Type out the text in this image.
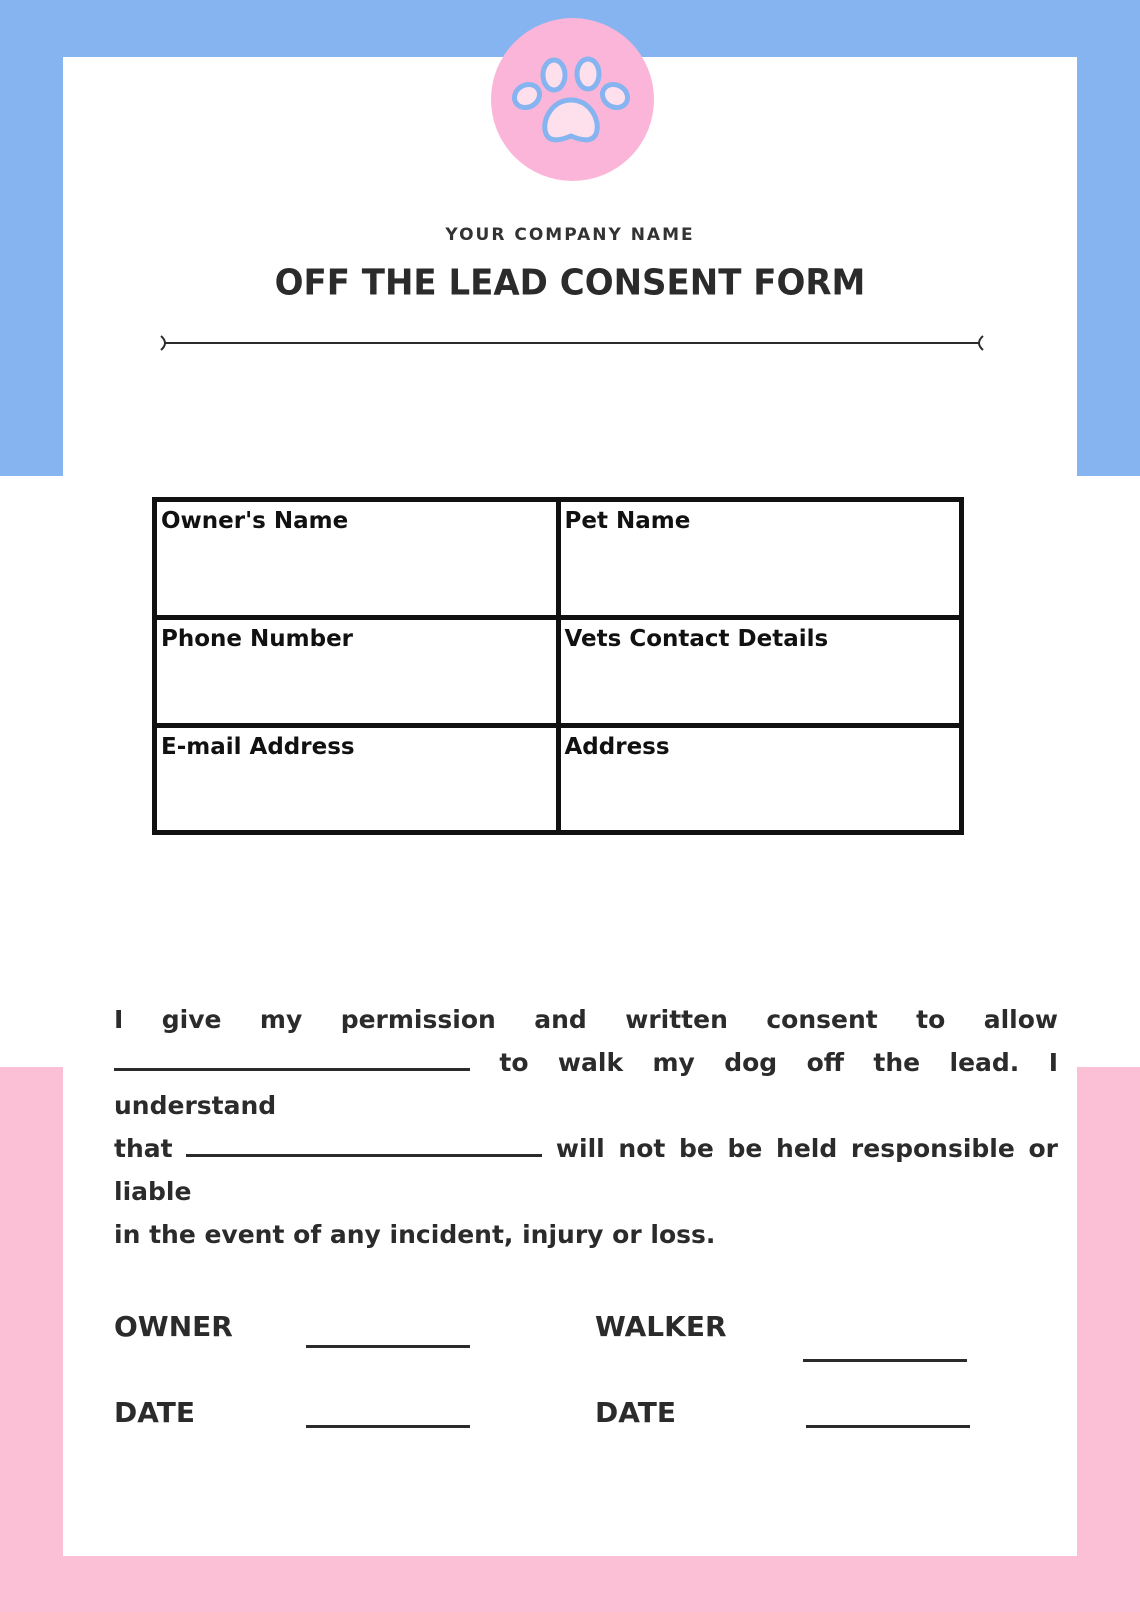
YOUR COMPANY NAME
OFF THE LEAD CONSENT FORM
Owner's Name	Pet Name
Phone Number	Vets Contact Details
E-mail Address	Address
I give my permission and written consent to allow
to walk my dog off the lead. I understand
that	will not be be held responsible or liable
in the event of any incident, injury or loss.
OWNER	WALKER
DATE	DATE
